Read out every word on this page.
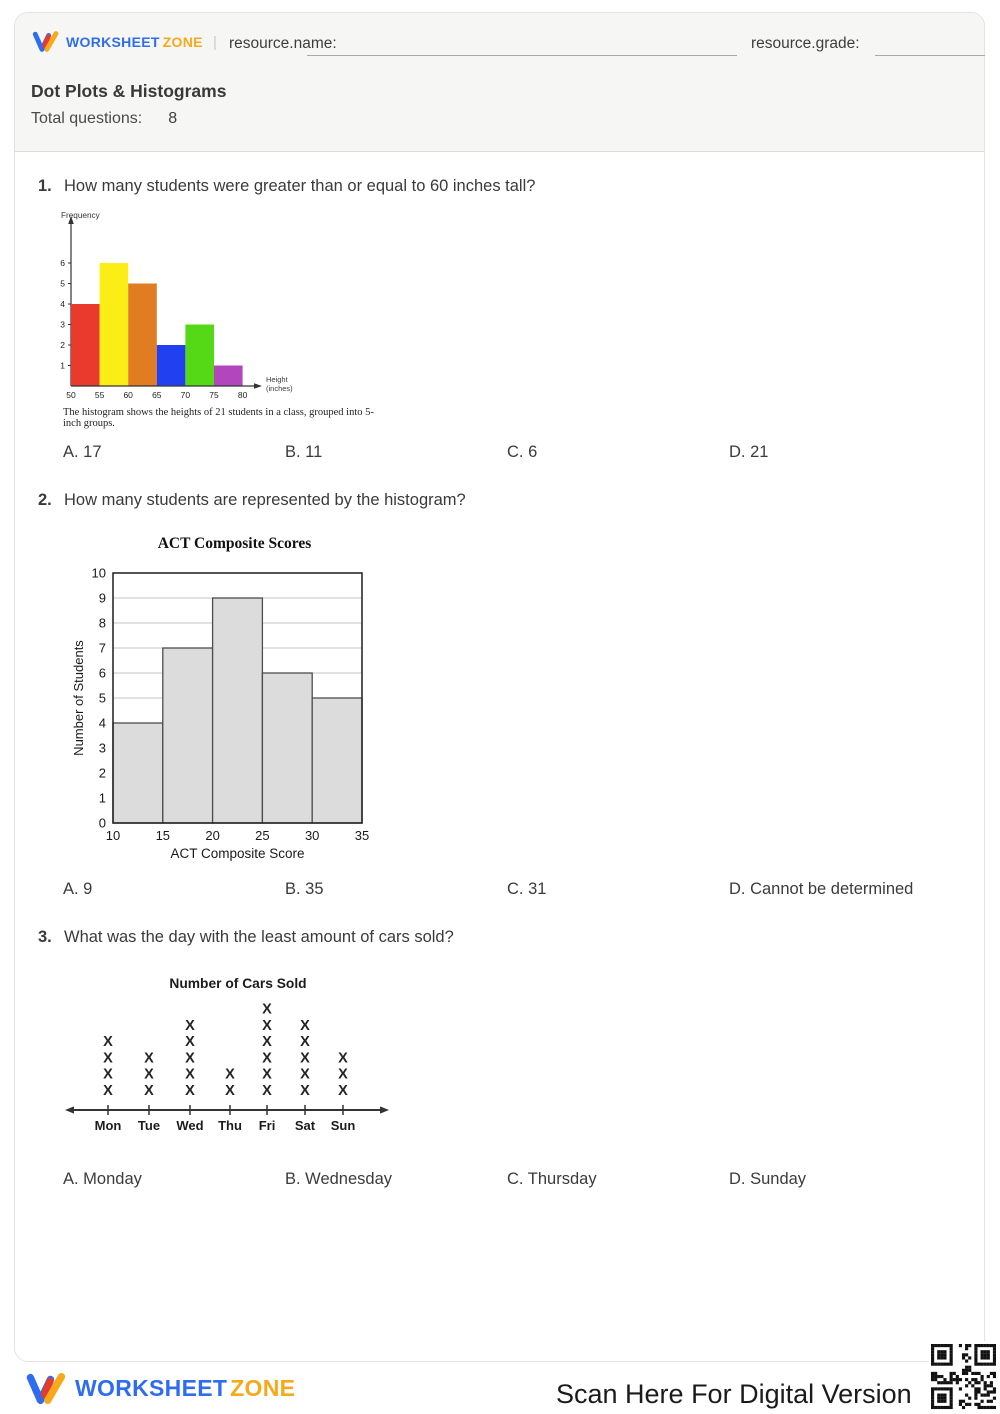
WORKSHEET ZONE | resource.name:	resource.grade:
Dot Plots & Histograms
Total questions: 8
1. How many students were greater than or equal to 60 inches tall?
Frequency
1
2
3
4
5
6
50 55 60 65 70 75 80
Height
(inches)
The histogram shows the heights of 21 students in a class, grouped into 5-inch groups.
A. 17	B. 11	C. 6	D. 21
2. How many students are represented by the histogram?
ACT Composite Scores
0
1
2
3
4
5
6
7
8
9
10
10	15	20	25	30	35
Number of Students
ACT Composite Score
A. 9	B. 35	C. 31	D. Cannot be determined
3. What was the day with the least amount of cars sold?
Number of Cars Sold
Mon
X
X
X
X
Tue
X
X
X
Wed
X
X
X
X
X
Thu
X
X
Fri
X
X
X
X
X
X
Sat
X
X
X
X
X
Sun
X
X
X
A. Monday	B. Wednesday	C. Thursday	D. Sunday
WORKSHEET ZONE	Scan Here For Digital Version
